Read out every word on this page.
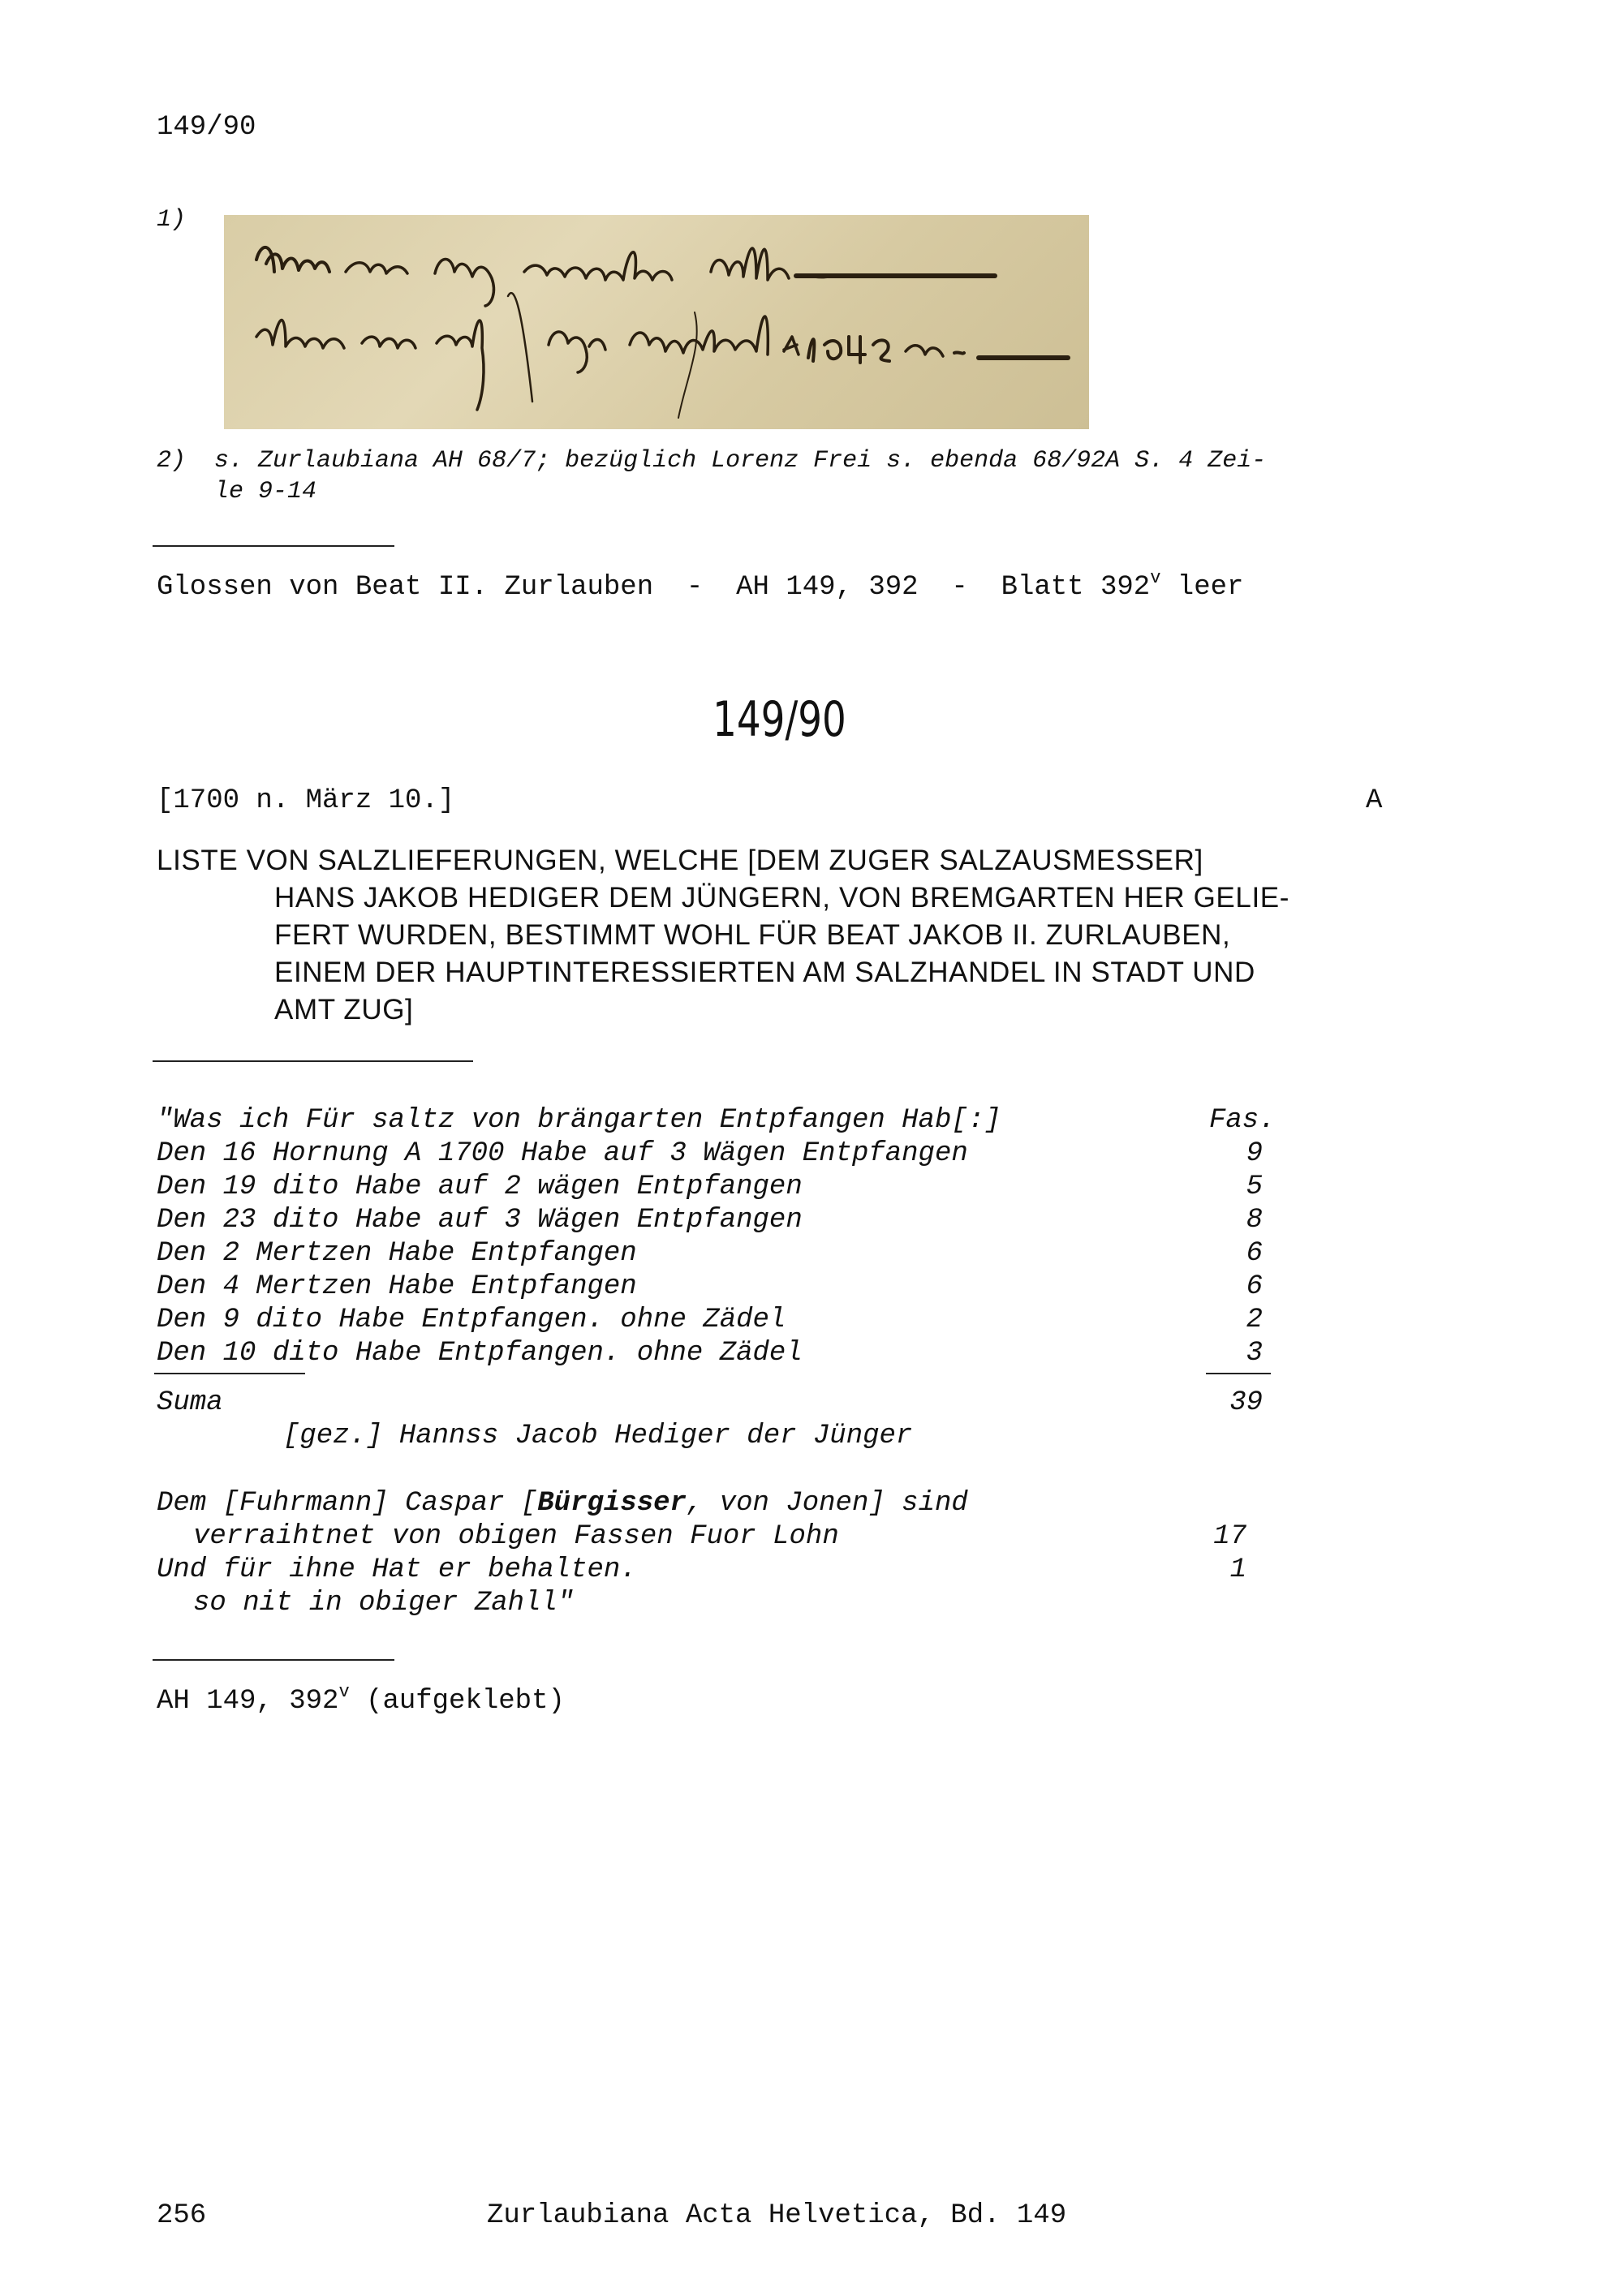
149/90
1)
2) s. Zurlaubiana AH 68/7; bezüglich Lorenz Frei s. ebenda 68/92A S. 4 Zei-
le 9-14
Glossen von Beat II. Zurlauben  -  AH 149, 392  -  Blatt 392$^v$ leer
149/90
[1700 n. März 10.]	A
LISTE VON SALZLIEFERUNGEN, WELCHE [DEM ZUGER SALZAUSMESSER]
HANS JAKOB HEDIGER DEM JÜNGERN, VON BREMGARTEN HER GELIE-
FERT WURDEN, BESTIMMT WOHL FÜR BEAT JAKOB II. ZURLAUBEN,
EINEM DER HAUPTINTERESSIERTEN AM SALZHANDEL IN STADT UND
AMT ZUG]
"Was ich Für saltz von brängarten Entpfangen Hab[:]	Fas.
Den 16 Hornung A 1700 Habe auf 3 Wägen Entpfangen	9
Den 19 dito Habe auf 2 wägen Entpfangen	5
Den 23 dito Habe auf 3 Wägen Entpfangen	8
Den 2 Mertzen Habe Entpfangen	6
Den 4 Mertzen Habe Entpfangen	6
Den 9 dito Habe Entpfangen. ohne Zädel	2
Den 10 dito Habe Entpfangen. ohne Zädel	3
Suma	39
[gez.] Hannss Jacob Hediger der Jünger
Dem [Fuhrmann] Caspar [Bürgisser, von Jonen] sind
verraihtnet von obigen Fassen Fuor Lohn	17
Und für ihne Hat er behalten.	1
so nit in obiger Zahll"
AH 149, 392$^v$ (aufgeklebt)
256	Zurlaubiana Acta Helvetica, Bd. 149
